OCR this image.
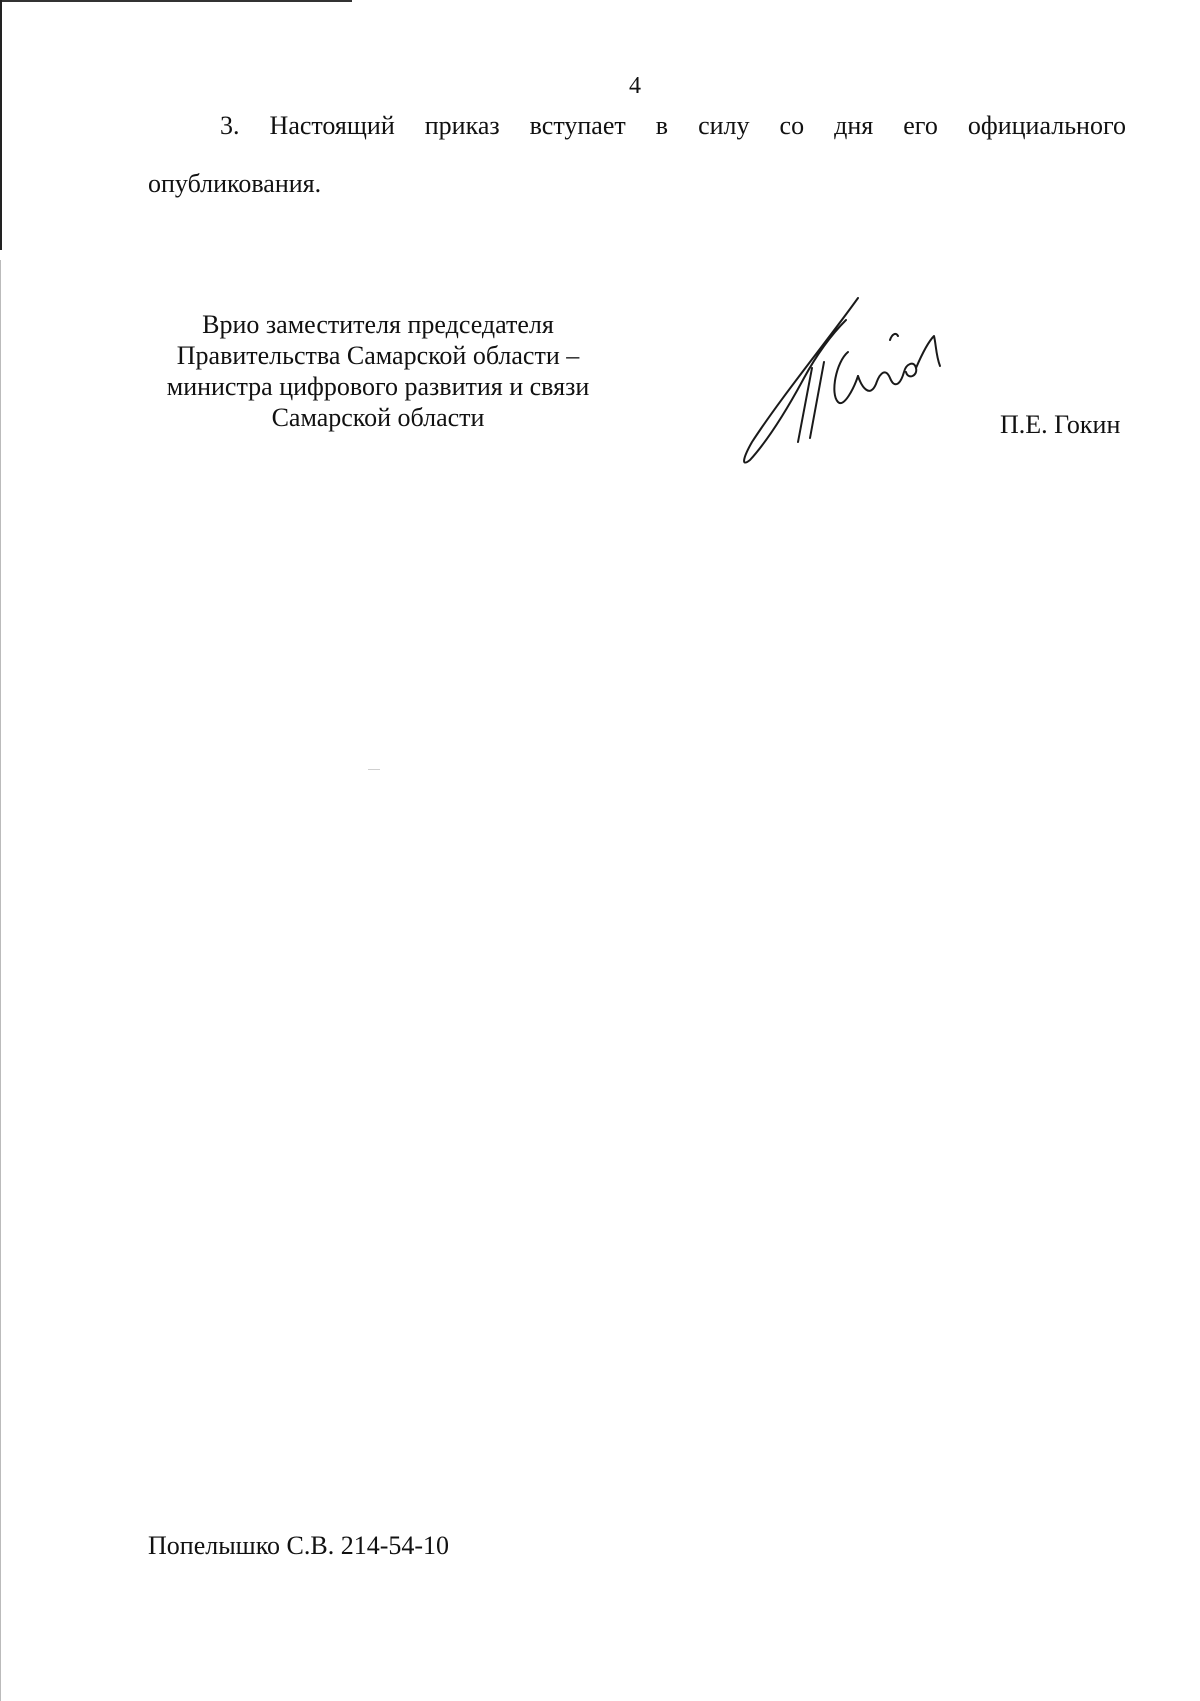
4
3. Настоящий приказ вступает в силу со дня его официального
опубликования.
Врио заместителя председателя
Правительства Самарской области –
министра цифрового развития и связи
Самарской области	П.Е. Гокин
Попелышко С.В. 214-54-10
